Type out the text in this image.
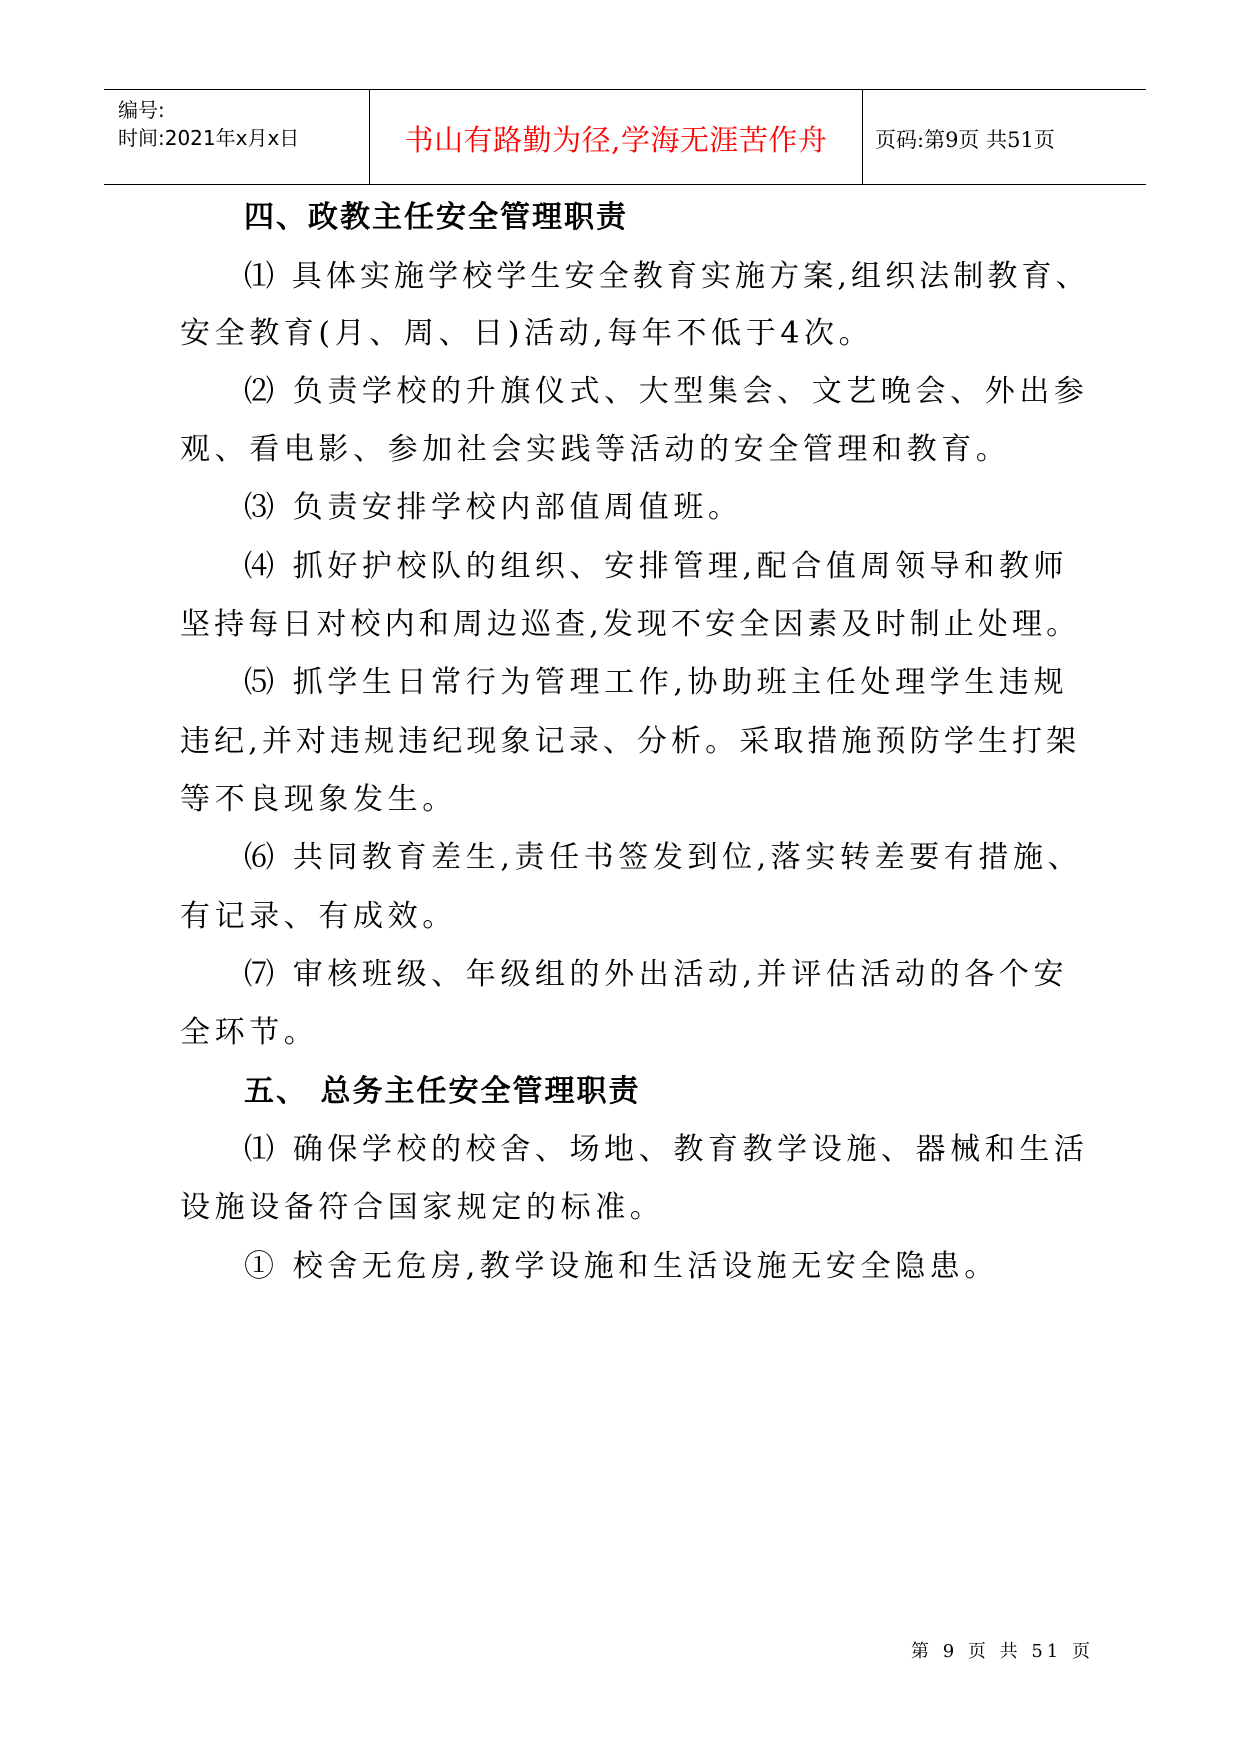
编号:
时间:2021年x月x日	书山有路勤为径,学海无涯苦作舟	页码:第9页 共51页
四、政教主任安全管理职责
⑴ 具体实施学校学生安全教育实施方案,组织法制教育、
安全教育(月、周、日)活动,每年不低于4次。
⑵ 负责学校的升旗仪式、大型集会、文艺晚会、外出参
观、看电影、参加社会实践等活动的安全管理和教育。
⑶ 负责安排学校内部值周值班。
⑷ 抓好护校队的组织、安排管理,配合值周领导和教师
坚持每日对校内和周边巡查,发现不安全因素及时制止处理。
⑸ 抓学生日常行为管理工作,协助班主任处理学生违规
违纪,并对违规违纪现象记录、分析。采取措施预防学生打架
等不良现象发生。
⑹ 共同教育差生,责任书签发到位,落实转差要有措施、
有记录、有成效。
⑺ 审核班级、年级组的外出活动,并评估活动的各个安
全环节。
五、 总务主任安全管理职责
⑴ 确保学校的校舍、场地、教育教学设施、器械和生活
设施设备符合国家规定的标准。
① 校舍无危房,教学设施和生活设施无安全隐患。
第 9 页 共 51 页
